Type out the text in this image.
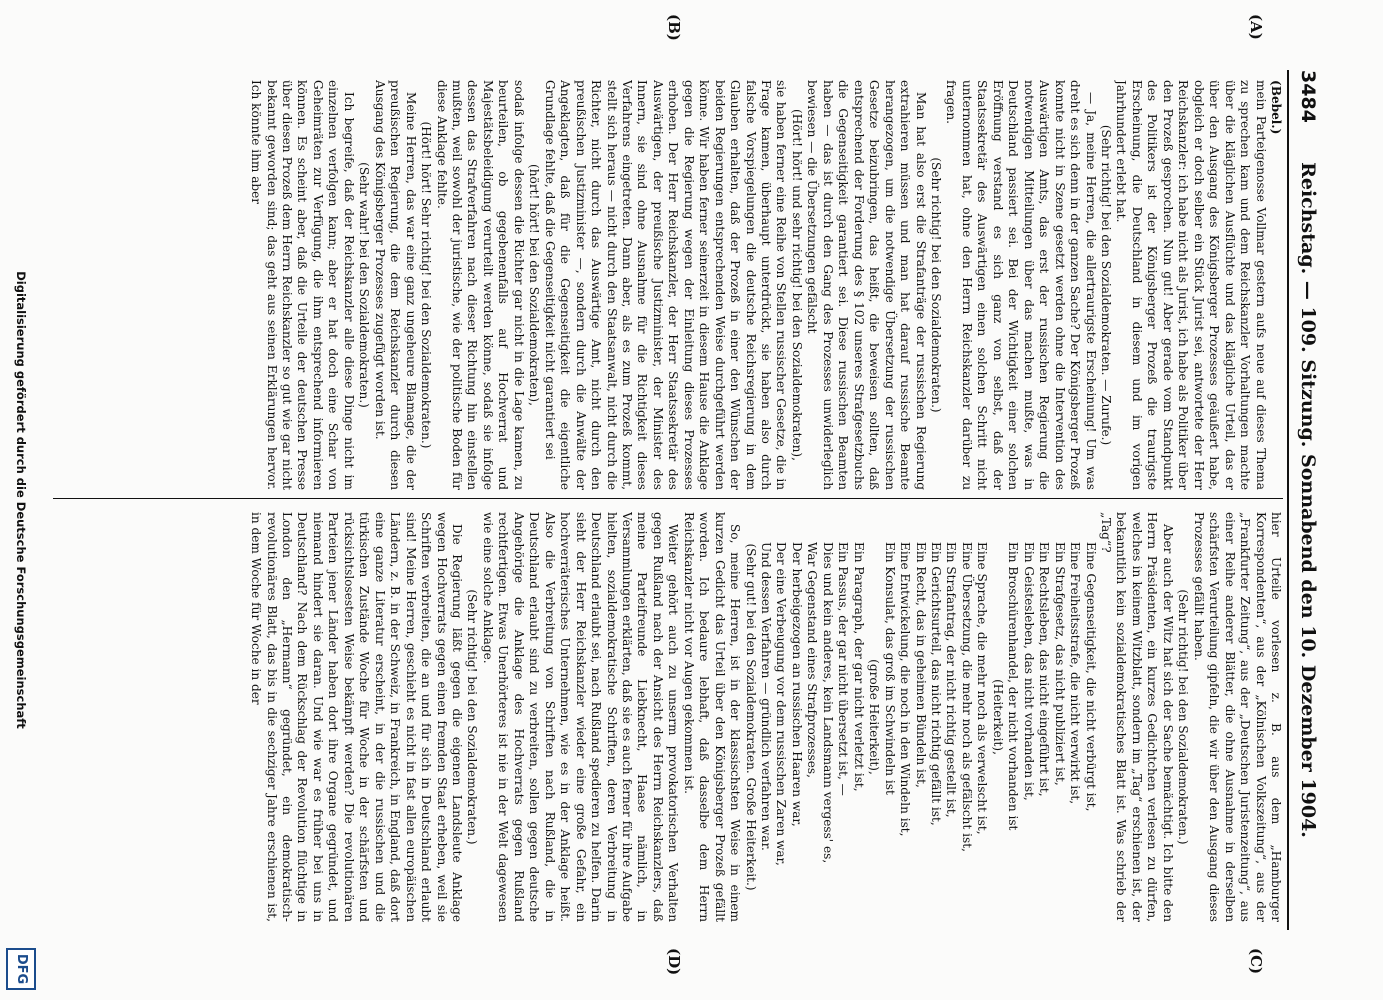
3484
Reichstag. — 109. Sitzung. Sonnabend den 10. Dezember 1904.
(A)
(B)
(C)
(D)

(Bebel.)

mein Parteigenosse Vollmar gestern aufs neue auf dieses Thema zu sprechen kam und dem Reichskanzler Vorhaltungen machte über die kläglichen Ausflüchte und das klägliche Urteil, das er über den Ausgang des Königsberger Prozesses geäußert habe, obgleich er doch selber ein Stück Jurist sei, antwortete der Herr Reichskanzler: ich habe nicht als Jurist, ich habe als Politiker über den Prozeß gesprochen. Nun gut! Aber gerade vom Standpunkt des Politikers ist der Königsberger Prozeß die traurigste Erscheinung, die Deutschland in diesem und im vorigen Jahrhundert erlebt hat.

(Sehr richtig! bei den Sozialdemokraten. — Zurufe.)

— Ja, meine Herren, die allertraurigste Erscheinung! Um was dreht es sich denn in der ganzen Sache? Der Königsberger Prozeß konnte nicht in Szene gesetzt werden ohne die Intervention des Auswärtigen Amts, das erst der russischen Regierung die notwendigen Mitteilungen über das machen mußte, was in Deutschland passiert sei. Bei der Wichtigkeit einer solchen Eröffnung verstand es sich ganz von selbst, daß der Staatssekretär des Auswärtigen einen solchen Schritt nicht unternommen hat, ohne den Herrn Reichskanzler darüber zu fragen.

(Sehr richtig! bei den Sozialdemokraten.)

Man hat also erst die Strafanträge der russischen Regierung extrahieren müssen und man hat darauf russische Beamte herangezogen, um die notwendige Übersetzung der russischen Gesetze beizubringen, das heißt, die beweisen sollten, daß entsprechend der Forderung des § 102 unseres Strafgesetzbuchs die Gegenseitigkeit garantiert sei. Diese russischen Beamten haben — das ist durch den Gang des Prozesses unwiderleglich bewiesen — die Übersetzungen gefälscht

(Hört! hört! und sehr richtig! bei den Sozialdemokraten),

sie haben ferner eine Reihe von Stellen russischer Gesetze, die in Frage kamen, überhaupt unterdrückt, sie haben also durch falsche Vorspiegelungen die deutsche Reichsregierung in dem Glauben erhalten, daß der Prozeß in einer den Wünschen der beiden Regierungen entsprechenden Weise durchgeführt werden könne. Wir haben ferner seinerzeit in diesem Hause die Anklage gegen die Regierung wegen der Einleitung dieses Prozesses erhoben. Der Herr Reichskanzler, der Herr Staatssekretär des Auswärtigen, der preußische Justizminister, der Minister des Innern, sie sind ohne Ausnahme für die Richtigkeit dieses Verfahrens eingetreten. Dann aber, als es zum Prozeß kommt, stellt sich heraus — nicht durch den Staatsanwalt, nicht durch die Richter, nicht durch das Auswärtige Amt, nicht durch den preußischen Justizminister —, sondern durch die Anwälte der Angeklagten, daß für die Gegenseitigkeit die eigentliche Grundlage fehlte, daß die Gegenseitigkeit nicht garantiert sei

(hört! hört! bei den Sozialdemokraten),

sodaß infolge dessen die Richter gar nicht in die Lage kamen, zu beurteilen, ob gegebenenfalls auf Hochverrat und Majestätsbeleidigung verurteilt werden könne, sodaß sie infolge dessen das Strafverfahren nach dieser Richtung hin einstellen mußten, weil sowohl der juristische, wie der politische Boden für diese Anklage fehlte.

(Hört! hört! Sehr richtig! bei den Sozialdemokraten.)

Meine Herren, das war eine ganz ungeheure Blamage, die der preußischen Regierung, die dem Reichskanzler durch diesen Ausgang des Königsberger Prozesses zugefügt worden ist.

(Sehr wahr! bei den Sozialdemokraten.)

Ich begreife, daß der Reichskanzler alle diese Dinge nicht im einzelnen verfolgen kann; aber er hat doch eine Schar von Geheimräten zur Verfügung, die ihm entsprechend informieren können. Es scheint aber, daß die Urteile der deutschen Presse über diesen Prozeß dem Herrn Reichskanzler so gut wie gar nicht bekannt geworden sind; das geht aus seinen Erklärungen hervor. Ich könnte ihm aber

hier Urteile vorlesen z. B. aus dem „Hamburger Korrespondenten“, aus der „Kölnischen Volkszeitung“, aus der „Frankfurter Zeitung“, aus der „Deutschen Juristenzeitung“, aus einer Reihe anderer Blätter, die ohne Ausnahme in derselben schärfsten Verurteilung gipfeln, die wir über den Ausgang dieses Prozesses gefällt haben.

(Sehr richtig! bei den Sozialdemokraten.)

Aber auch der Witz hat sich der Sache bemächtigt. Ich bitte den Herrn Präsidenten, ein kurzes Gedichtchen verlesen zu dürfen, welches in keinem Witzblatt, sondern im „Tag“ erschienen ist, der bekanntlich kein sozialdemokratisches Blatt ist. Was schrieb der „Tag“?

Eine Gegenseitigkeit, die nicht verbürgt ist,

Eine Freiheitsstrafe, die nicht verwirkt ist,

Ein Strafgesetz, das nicht publiziert ist,

Ein Rechtsleben, das nicht eingeführt ist,

Ein Geistesleben, das nicht vorhanden ist,

Ein Broschürenhandel, der nicht vorhanden ist

(Heiterkeit),

Eine Sprache, die mehr noch als verwelscht ist,

Eine Übersetzung, die mehr noch als gefälscht ist,

Ein Strafantrag, der nicht richtig gestellt ist,

Ein Gerichtsurteil, das nicht richtig gefällt ist,

Ein Recht, das in geheimen Bündeln ist,

Eine Entwickelung, die noch in den Windeln ist,

Ein Konsulat, das groß im Schwindeln ist

(große Heiterkeit),

Ein Paragraph, der gar nicht verletzt ist,

Ein Passus, der gar nicht übersetzt ist, —

Dies und kein anderes, kein Landsmann vergess' es,

War Gegenstand eines Strafprozesses,

Der herbeigezogen an russischen Haaren war,

Der eine Verbeugung vor dem russischen Zaren war,

Und dessen Verfahren — gründlich verfahren war.

(Sehr gut! bei den Sozialdemokraten. Große Heiterkeit.)

So, meine Herren, ist in der klassischsten Weise in einem kurzen Gedicht das Urteil über den Königsberger Prozeß gefällt worden. Ich bedaure lebhaft, daß dasselbe dem Herrn Reichskanzler nicht vor Augen gekommen ist.

Weiter gehört auch zu unserm provokatorischen Verhalten gegen Rußland nach der Ansicht des Herrn Reichskanzlers, daß meine Parteifreunde Liebknecht, Haase nämlich, in Versammlungen erklärten, daß sie es auch ferner für ihre Aufgabe hielten, sozialdemokratische Schriften, deren Verbreitung in Deutschland erlaubt sei, nach Rußland spedieren zu helfen. Darin sieht der Herr Reichskanzler wieder eine große Gefahr, ein hochverräterisches Unternehmen, wie es in der Anklage heißt. Also die Verbreitung von Schriften nach Rußland, die in Deutschland erlaubt sind zu verbreiten, sollen gegen deutsche Angehörige die Anklage des Hochverrats gegen Rußland rechtfertigen. Etwas Unerhörteres ist nie in der Welt dagewesen wie eine solche Anklage.

(Sehr richtig! bei den Sozialdemokraten.)

Die Regierung läßt gegen die eigenen Landsleute Anklage wegen Hochverrats gegen einen fremden Staat erheben, weil sie Schriften verbreiten, die an und für sich in Deutschland erlaubt sind! Meine Herren, geschieht es nicht in fast allen europäischen Ländern, z. B. in der Schweiz, in Frankreich, in England, daß dort eine ganze Literatur erscheint, in der die russischen und die türkischen Zustände Woche für Woche in der schärfsten und rücksichtslosesten Weise bekämpft werden? Die revolutionären Parteien jener Länder haben dort ihre Organe gegründet, und niemand hindert sie daran. Und wie war es früher bei uns in Deutschland? Nach dem Rückschlag der Revolution flüchtige in London den „Hermann“ gegründet, ein demokratisch-revolutionäres Blatt, das bis in die sechziger Jahre erschienen ist, in dem Woche für Woche in der

Digitalisierung gefördert durch die Deutsche Forschungsgemeinschaft
DFG
